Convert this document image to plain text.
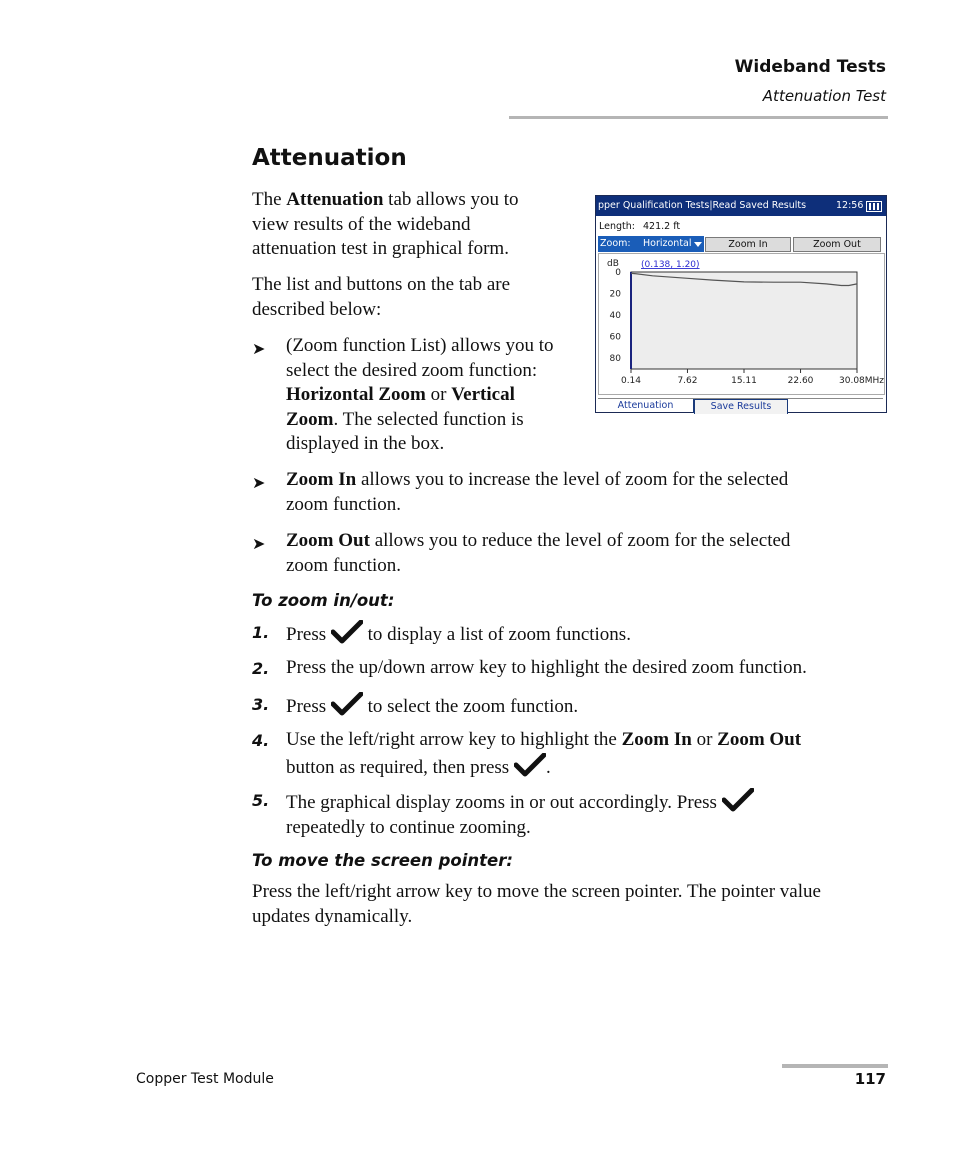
Wideband Tests
Attenuation Test
Attenuation
The Attenuation tab allows you to
view results of the wideband
attenuation test in graphical form.
The list and buttons on the tab are
described below:
➤ (Zoom function List) allows you to
select the desired zoom function:
Horizontal Zoom or Vertical
Zoom. The selected function is
displayed in the box.
➤ Zoom In allows you to increase the level of zoom for the selected
zoom function.
➤ Zoom Out allows you to reduce the level of zoom for the selected
zoom function.
To zoom in/out:
1. Press  to display a list of zoom functions.
2. Press the up/down arrow key to highlight the desired zoom function.
3. Press  to select the zoom function.
4. Use the left/right arrow key to highlight the Zoom In or Zoom Out
button as required, then press .
5. The graphical display zooms in or out accordingly. Press
repeatedly to continue zooming.
To move the screen pointer:
Press the left/right arrow key to move the screen pointer. The pointer value
updates dynamically.
pper Qualification Tests|Read Saved Results	12:56
Length: 421.2 ft
Zoom: Horizontal	Zoom In	Zoom Out
dB
0
20
40
60
80
0.14	7.62	15.11	22.60	30.08MHz
(0.138, 1.20)
Attenuation	Save Results
Copper Test Module	117
